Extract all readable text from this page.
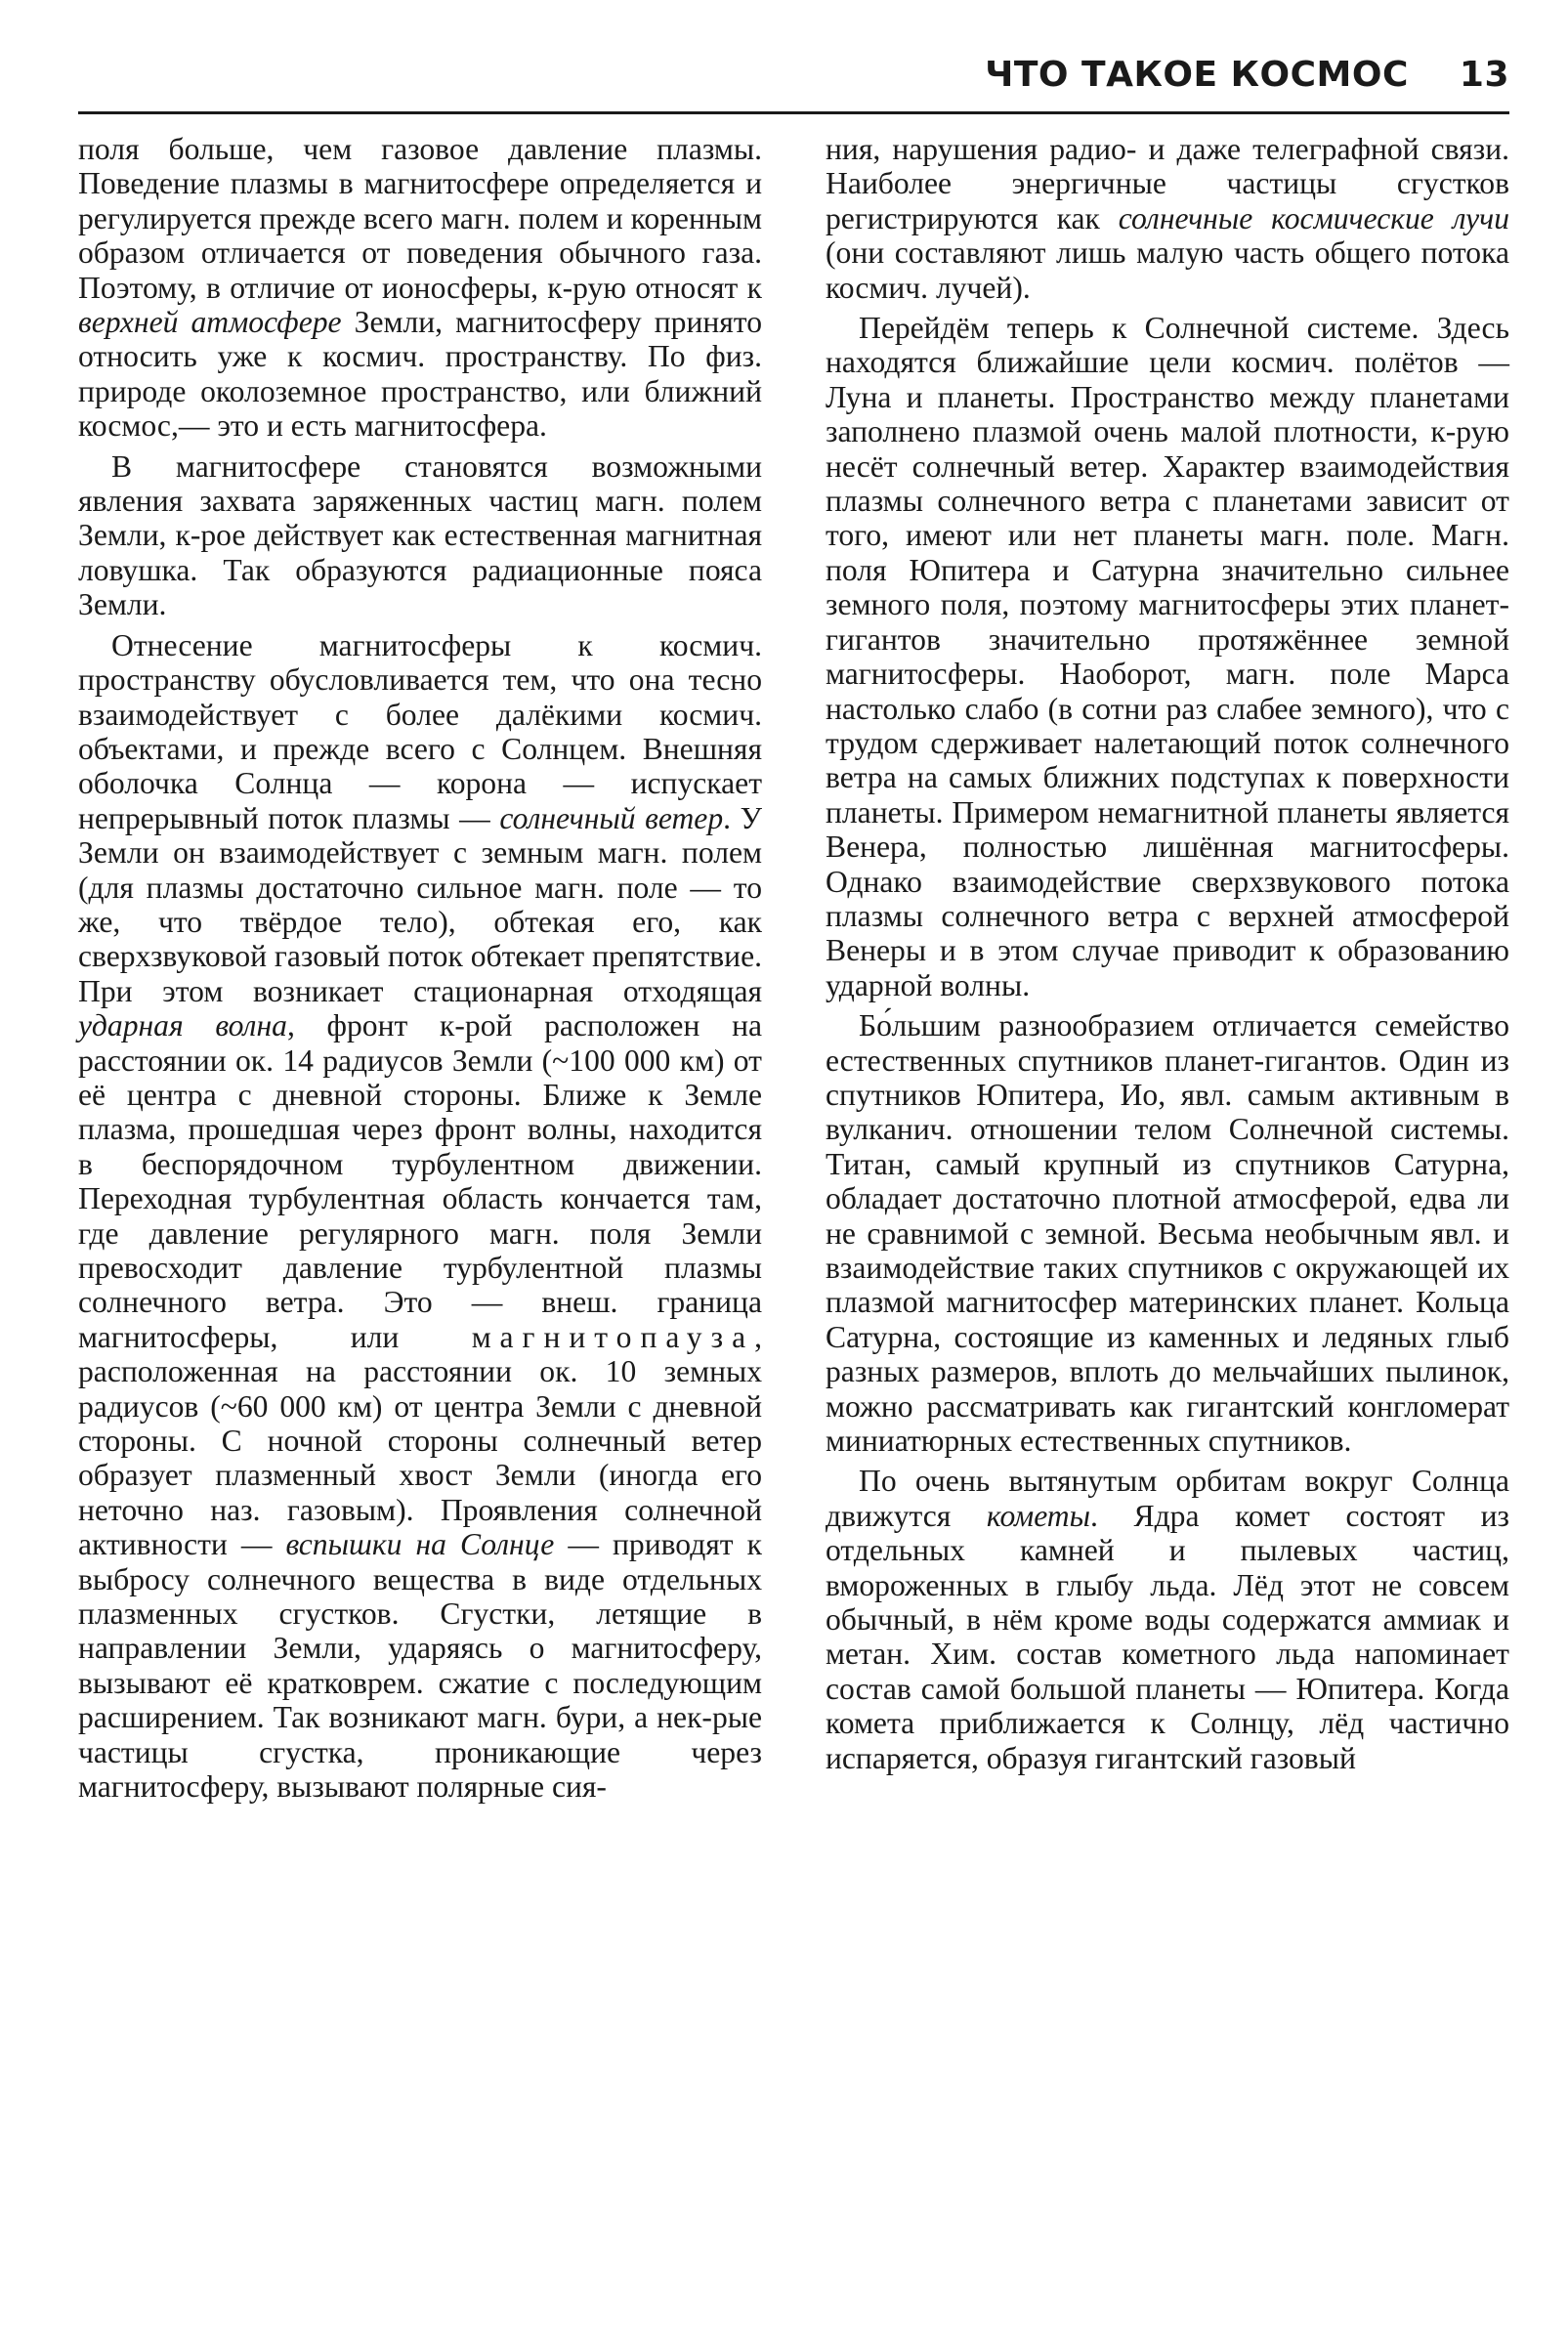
ЧТО ТАКОЕ КОСМОС 13

поля больше, чем газовое давление плазмы. Поведение плазмы в магнитосфере определяется и регулируется прежде всего магн. полем и коренным образом отличается от поведения обычного газа. Поэтому, в отличие от ионосферы, к-рую относят к верхней атмосфере Земли, магнитосферу принято относить уже к космич. пространству. По физ. природе околоземное пространство, или ближний космос,— это и есть магнитосфера.

В магнитосфере становятся возможными явления захвата заряженных частиц магн. полем Земли, к-рое действует как естественная магнитная ловушка. Так образуются радиационные пояса Земли.

Отнесение магнитосферы к космич. пространству обусловливается тем, что она тесно взаимодействует с более далёкими космич. объектами, и прежде всего с Солнцем. Внешняя оболочка Солнца — корона — испускает непрерывный поток плазмы — солнечный ветер. У Земли он взаимодействует с земным магн. полем (для плазмы достаточно сильное магн. поле — то же, что твёрдое тело), обтекая его, как сверхзвуковой газовый поток обтекает препятствие. При этом возникает стационарная отходящая ударная волна, фронт к-рой расположен на расстоянии ок. 14 радиусов Земли (~100 000 км) от её центра с дневной стороны. Ближе к Земле плазма, прошедшая через фронт волны, находится в беспорядочном турбулентном движении. Переходная турбулентная область кончается там, где давление регулярного магн. поля Земли превосходит давление турбулентной плазмы солнечного ветра. Это — внеш. граница магнитосферы, или магнитопауза, расположенная на расстоянии ок. 10 земных радиусов (~60 000 км) от центра Земли с дневной стороны. С ночной стороны солнечный ветер образует плазменный хвост Земли (иногда его неточно наз. газовым). Проявления солнечной активности — вспышки на Солнце — приводят к выбросу солнечного вещества в виде отдельных плазменных сгустков. Сгустки, летящие в направлении Земли, ударяясь о магнитосферу, вызывают её кратковрем. сжатие с последующим расширением. Так возникают магн. бури, а нек-рые частицы сгустка, проникающие через магнитосферу, вызывают полярные сия-

ния, нарушения радио- и даже телеграфной связи. Наиболее энергичные частицы сгустков регистрируются как солнечные космические лучи (они составляют лишь малую часть общего потока космич. лучей).

Перейдём теперь к Солнечной системе. Здесь находятся ближайшие цели космич. полётов — Луна и планеты. Пространство между планетами заполнено плазмой очень малой плотности, к-рую несёт солнечный ветер. Характер взаимодействия плазмы солнечного ветра с планетами зависит от того, имеют или нет планеты магн. поле. Магн. поля Юпитера и Сатурна значительно сильнее земного поля, поэтому магнитосферы этих планет-гигантов значительно протяжённее земной магнитосферы. Наоборот, магн. поле Марса настолько слабо (в сотни раз слабее земного), что с трудом сдерживает налетающий поток солнечного ветра на самых ближних подступах к поверхности планеты. Примером немагнитной планеты является Венера, полностью лишённая магнитосферы. Однако взаимодействие сверхзвукового потока плазмы солнечного ветра с верхней атмосферой Венеры и в этом случае приводит к образованию ударной волны.

Бо́льшим разнообразием отличается семейство естественных спутников планет-гигантов. Один из спутников Юпитера, Ио, явл. самым активным в вулканич. отношении телом Солнечной системы. Титан, самый крупный из спутников Сатурна, обладает достаточно плотной атмосферой, едва ли не сравнимой с земной. Весьма необычным явл. и взаимодействие таких спутников с окружающей их плазмой магнитосфер материнских планет. Кольца Сатурна, состоящие из каменных и ледяных глыб разных размеров, вплоть до мельчайших пылинок, можно рассматривать как гигантский конгломерат миниатюрных естественных спутников.

По очень вытянутым орбитам вокруг Солнца движутся кометы. Ядра комет состоят из отдельных камней и пылевых частиц, вмороженных в глыбу льда. Лёд этот не совсем обычный, в нём кроме воды содержатся аммиак и метан. Хим. состав кометного льда напоминает состав самой большой планеты — Юпитера. Когда комета приближается к Солнцу, лёд частично испаряется, образуя гигантский газовый
